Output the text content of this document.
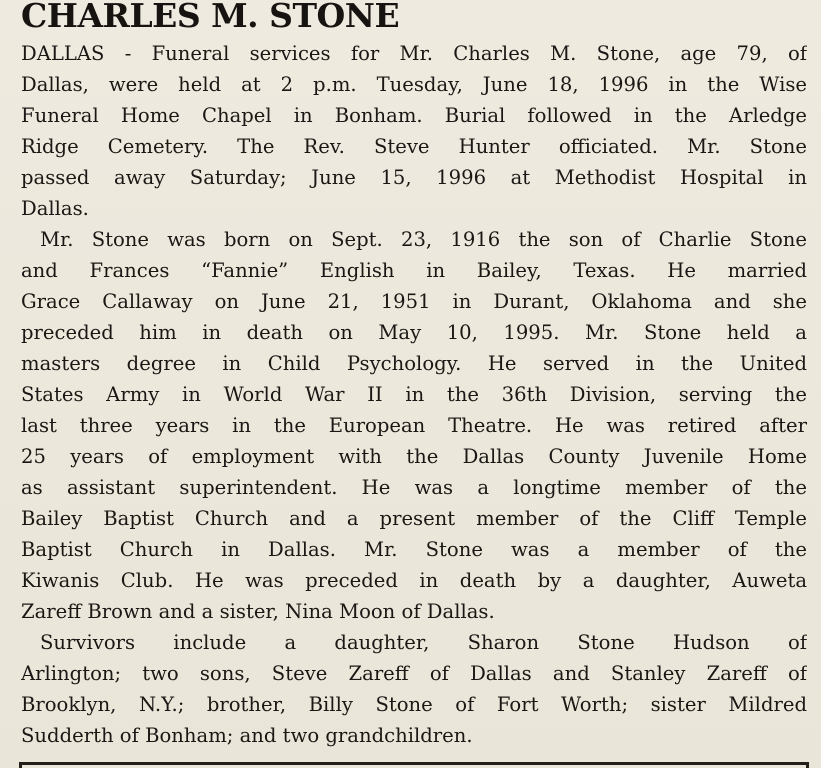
CHARLES M. STONE
DALLAS - Funeral services for Mr. Charles M. Stone, age 79, of
Dallas, were held at 2 p.m. Tuesday, June 18, 1996 in the Wise
Funeral Home Chapel in Bonham. Burial followed in the Arledge
Ridge Cemetery. The Rev. Steve Hunter officiated. Mr. Stone
passed away Saturday; June 15, 1996 at Methodist Hospital in
Dallas.
Mr. Stone was born on Sept. 23, 1916 the son of Charlie Stone
and Frances “Fannie” English in Bailey, Texas. He married
Grace Callaway on June 21, 1951 in Durant, Oklahoma and she
preceded him in death on May 10, 1995. Mr. Stone held a
masters degree in Child Psychology. He served in the United
States Army in World War II in the 36th Division, serving the
last three years in the European Theatre. He was retired after
25 years of employment with the Dallas County Juvenile Home
as assistant superintendent. He was a longtime member of the
Bailey Baptist Church and a present member of the Cliff Temple
Baptist Church in Dallas. Mr. Stone was a member of the
Kiwanis Club. He was preceded in death by a daughter, Auweta
Zareff Brown and a sister, Nina Moon of Dallas.
Survivors include a daughter, Sharon Stone Hudson of
Arlington; two sons, Steve Zareff of Dallas and Stanley Zareff of
Brooklyn, N.Y.; brother, Billy Stone of Fort Worth; sister Mildred
Sudderth of Bonham; and two grandchildren.
